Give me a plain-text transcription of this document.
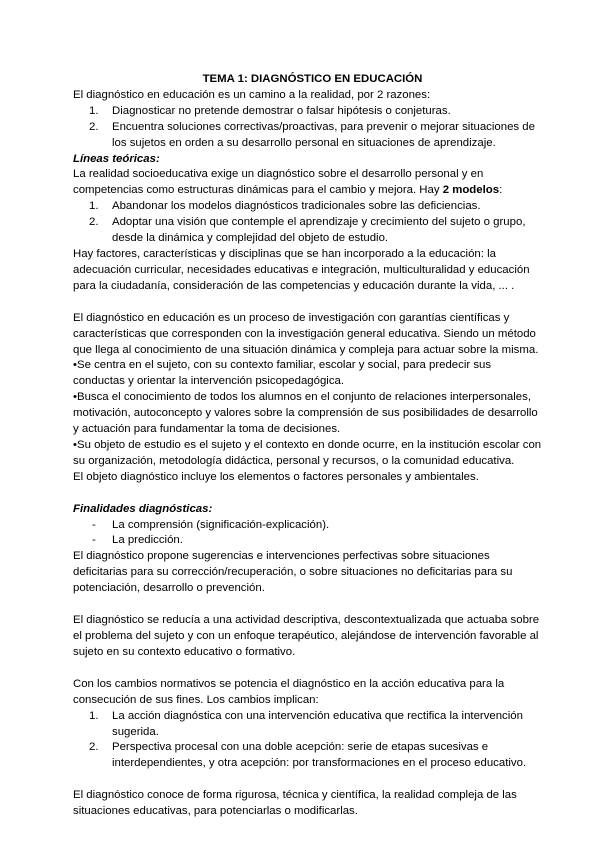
TEMA 1: DIAGNÓSTICO EN EDUCACIÓN

El diagnóstico en educación es un camino a la realidad, por 2 razones:

1. Diagnosticar no pretende demostrar o falsar hipótesis o conjeturas.
2. Encuentra soluciones correctivas/proactivas, para prevenir o mejorar situaciones de los sujetos en orden a su desarrollo personal en situaciones de aprendizaje.
Líneas teóricas:

La realidad socioeducativa exige un diagnóstico sobre el desarrollo personal y en competencias como estructuras dinámicas para el cambio y mejora. Hay 2 modelos:

1. Abandonar los modelos diagnósticos tradicionales sobre las deficiencias.
2. Adoptar una visión que contemple el aprendizaje y crecimiento del sujeto o grupo, desde la dinámica y complejidad del objeto de estudio.

Hay factores, características y disciplinas que se han incorporado a la educación: la adecuación curricular, necesidades educativas e integración, multiculturalidad y educación para la ciudadanía, consideración de las competencias y educación durante la vida, ... .

El diagnóstico en educación es un proceso de investigación con garantías científicas y características que corresponden con la investigación general educativa. Siendo un método que llega al conocimiento de una situación dinámica y compleja para actuar sobre la misma.

•Se centra en el sujeto, con su contexto familiar, escolar y social, para predecir sus conductas y orientar la intervención psicopedagógica.

•Busca el conocimiento de todos los alumnos en el conjunto de relaciones interpersonales, motivación, autoconcepto y valores sobre la comprensión de sus posibilidades de desarrollo y actuación para fundamentar la toma de decisiones.

•Su objeto de estudio es el sujeto y el contexto en donde ocurre, en la institución escolar con su organización, metodología didáctica, personal y recursos, o la comunidad educativa.

El objeto diagnóstico incluye los elementos o factores personales y ambientales.

Finalidades diagnósticas:
- La comprensión (significación-explicación).
- La predicción.

El diagnóstico propone sugerencias e intervenciones perfectivas sobre situaciones deficitarias para su corrección/recuperación, o sobre situaciones no deficitarias para su potenciación, desarrollo o prevención.

El diagnóstico se reducía a una actividad descriptiva, descontextualizada que actuaba sobre el problema del sujeto y con un enfoque terapéutico, alejándose de intervención favorable al sujeto en su contexto educativo o formativo.

Con los cambios normativos se potencia el diagnóstico en la acción educativa para la consecución de sus fines. Los cambios implican:

1. La acción diagnóstica con una intervención educativa que rectifica la intervención sugerida.
2. Perspectiva procesal con una doble acepción: serie de etapas sucesivas e interdependientes, y otra acepción: por transformaciones en el proceso educativo.

El diagnóstico conoce de forma rigurosa, técnica y científica, la realidad compleja de las situaciones educativas, para potenciarlas o modificarlas.
